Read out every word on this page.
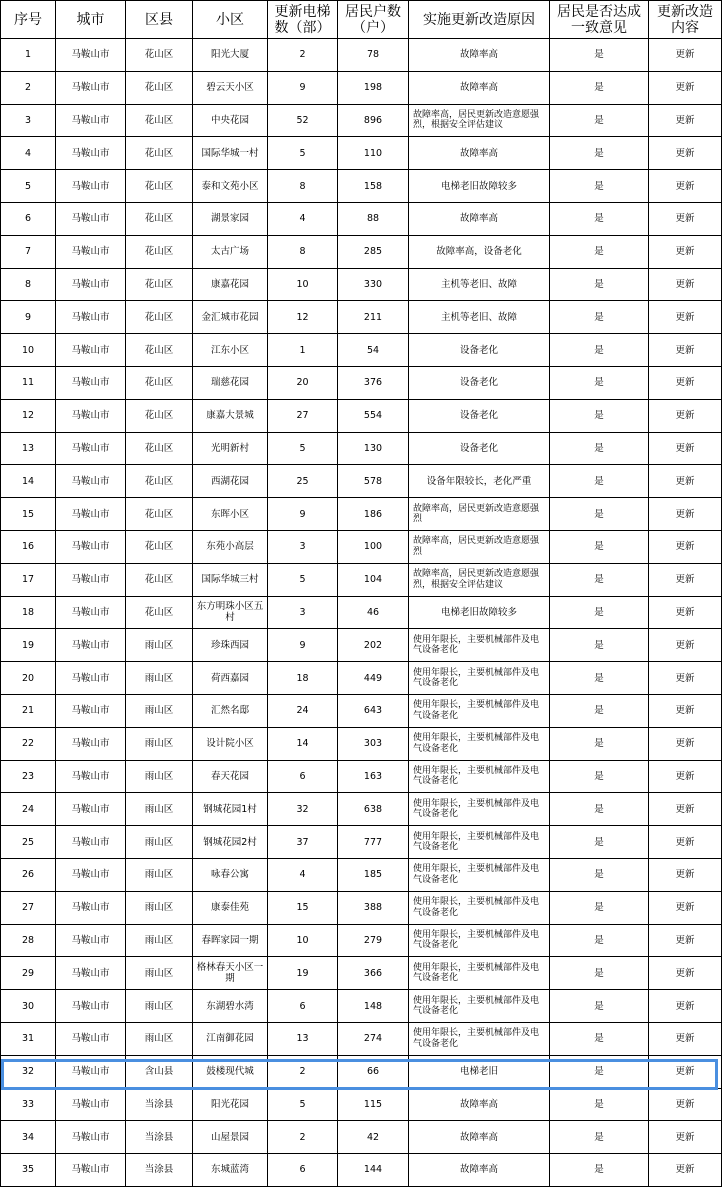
序号	城市	区县	小区	更新电梯数（部）	居民户数（户）	实施更新改造原因	居民是否达成一致意见	更新改造内容
1	马鞍山市	花山区	阳光大厦	2	78	故障率高	是	更新
2	马鞍山市	花山区	碧云天小区	9	198	故障率高	是	更新
3	马鞍山市	花山区	中央花园	52	896	故障率高，居民更新改造意愿强烈，根据安全评估建议	是	更新
4	马鞍山市	花山区	国际华城一村	5	110	故障率高	是	更新
5	马鞍山市	花山区	泰和文苑小区	8	158	电梯老旧故障较多	是	更新
6	马鞍山市	花山区	湖景家园	4	88	故障率高	是	更新
7	马鞍山市	花山区	太古广场	8	285	故障率高，设备老化	是	更新
8	马鞍山市	花山区	康嘉花园	10	330	主机等老旧、故障	是	更新
9	马鞍山市	花山区	金汇城市花园	12	211	主机等老旧、故障	是	更新
10	马鞍山市	花山区	江东小区	1	54	设备老化	是	更新
11	马鞍山市	花山区	瑞慈花园	20	376	设备老化	是	更新
12	马鞍山市	花山区	康嘉大景城	27	554	设备老化	是	更新
13	马鞍山市	花山区	光明新村	5	130	设备老化	是	更新
14	马鞍山市	花山区	西湖花园	25	578	设备年限较长，老化严重	是	更新
15	马鞍山市	花山区	东晖小区	9	186	故障率高，居民更新改造意愿强烈	是	更新
16	马鞍山市	花山区	东苑小高层	3	100	故障率高，居民更新改造意愿强烈	是	更新
17	马鞍山市	花山区	国际华城三村	5	104	故障率高，居民更新改造意愿强烈，根据安全评估建议	是	更新
18	马鞍山市	花山区	东方明珠小区五村	3	46	电梯老旧故障较多	是	更新
19	马鞍山市	雨山区	珍珠西园	9	202	使用年限长，主要机械部件及电气设备老化	是	更新
20	马鞍山市	雨山区	荷西嘉园	18	449	使用年限长，主要机械部件及电气设备老化	是	更新
21	马鞍山市	雨山区	汇然名邸	24	643	使用年限长，主要机械部件及电气设备老化	是	更新
22	马鞍山市	雨山区	设计院小区	14	303	使用年限长，主要机械部件及电气设备老化	是	更新
23	马鞍山市	雨山区	春天花园	6	163	使用年限长，主要机械部件及电气设备老化	是	更新
24	马鞍山市	雨山区	钢城花园1村	32	638	使用年限长，主要机械部件及电气设备老化	是	更新
25	马鞍山市	雨山区	钢城花园2村	37	777	使用年限长，主要机械部件及电气设备老化	是	更新
26	马鞍山市	雨山区	咏春公寓	4	185	使用年限长，主要机械部件及电气设备老化	是	更新
27	马鞍山市	雨山区	康泰佳苑	15	388	使用年限长，主要机械部件及电气设备老化	是	更新
28	马鞍山市	雨山区	春晖家园一期	10	279	使用年限长，主要机械部件及电气设备老化	是	更新
29	马鞍山市	雨山区	格林春天小区一期	19	366	使用年限长，主要机械部件及电气设备老化	是	更新
30	马鞍山市	雨山区	东湖碧水湾	6	148	使用年限长，主要机械部件及电气设备老化	是	更新
31	马鞍山市	雨山区	江南御花园	13	274	使用年限长，主要机械部件及电气设备老化	是	更新
32	马鞍山市	含山县	鼓楼现代城	2	66	电梯老旧	是	更新
33	马鞍山市	当涂县	阳光花园	5	115	故障率高	是	更新
34	马鞍山市	当涂县	山屋景园	2	42	故障率高	是	更新
35	马鞍山市	当涂县	东城蓝湾	6	144	故障率高	是	更新
